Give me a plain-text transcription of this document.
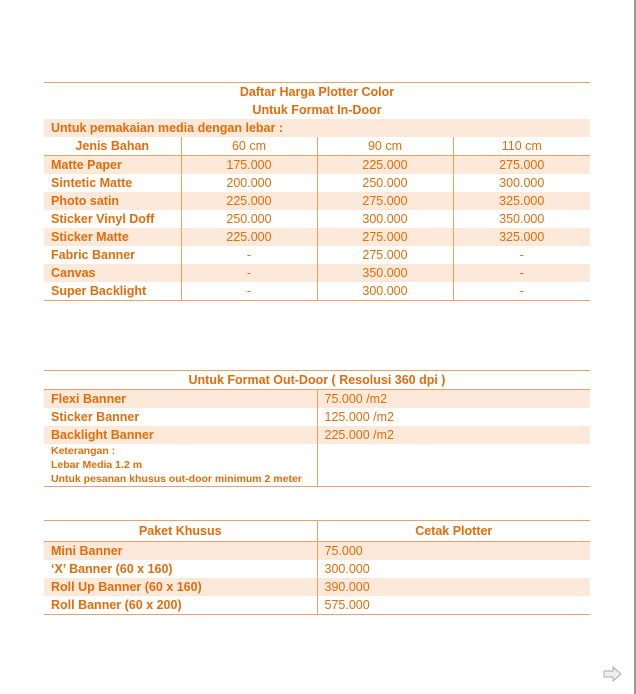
Daftar Harga Plotter Color			
Untuk Format In-Door			
Untuk pemakaian media dengan lebar :			
Jenis Bahan	60 cm	90 cm	110 cm
Matte Paper	175.000	225.000	275.000
Sintetic Matte	200.000	250.000	300.000
Photo satin	225.000	275.000	325.000
Sticker Vinyl Doff	250.000	300.000	350.000
Sticker Matte	225.000	275.000	325.000
Fabric Banner	-	275.000	-
Canvas	-	350.000	-
Super Backlight	-	300.000	-
Untuk Format Out-Door ( Resolusi 360 dpi )	
Flexi Banner	75.000 /m2
Sticker Banner	125.000 /m2
Backlight Banner	225.000 /m2
Keterangan :	
Lebar Media 1.2 m	
Untuk pesanan khusus out-door minimum 2 meter	
Paket Khusus	Cetak Plotter
Mini Banner	75.000
‘X’ Banner (60 x 160)	300.000
Roll Up Banner (60 x 160)	390.000
Roll Banner (60 x 200)	575.000
